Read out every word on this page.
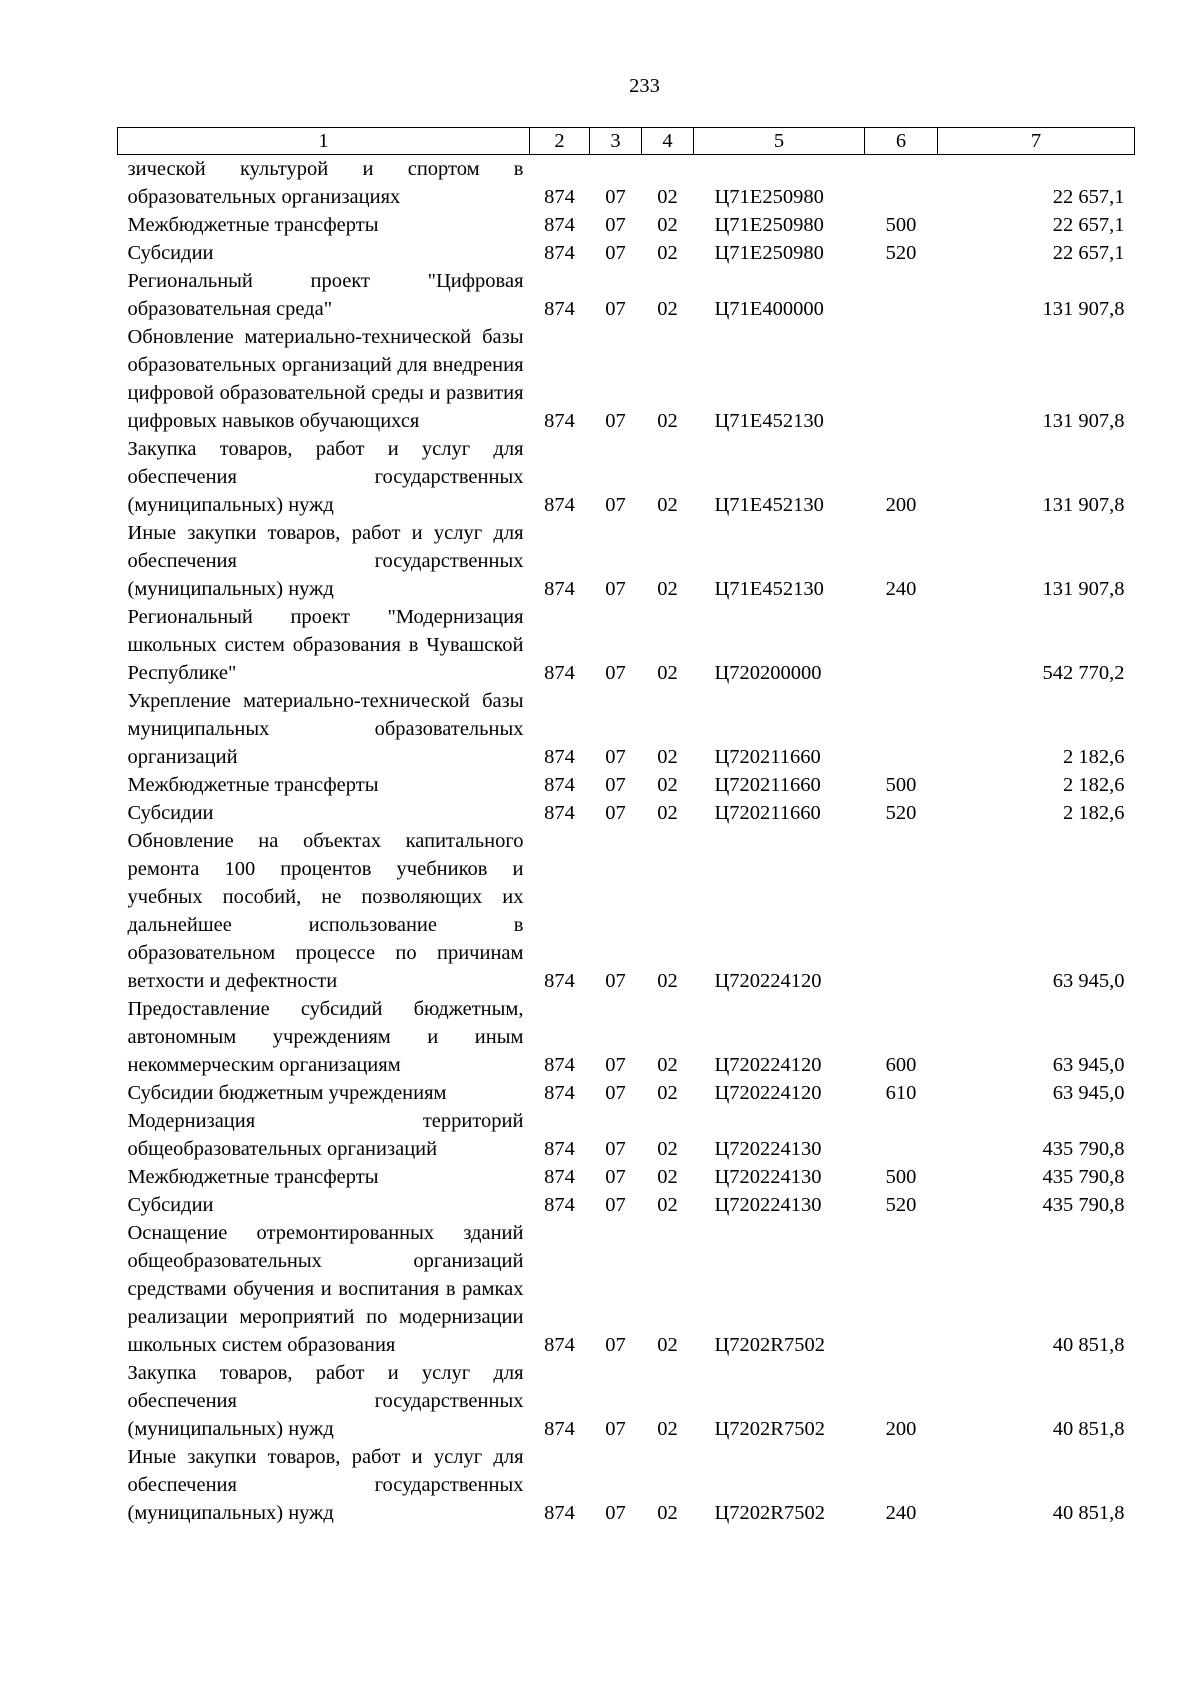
233
1	2	3	4	5	6	7
зической культурой и спортом в образовательных организациях	874	07	02	Ц71Е250980		22 657,1
Межбюджетные трансферты	874	07	02	Ц71Е250980	500	22 657,1
Субсидии	874	07	02	Ц71Е250980	520	22 657,1
Региональный проект "Цифровая образовательная среда"	874	07	02	Ц71Е400000		131 907,8
Обновление материально-технической базы образовательных организаций для внедрения цифровой образовательной среды и развития цифровых навыков обучающихся	874	07	02	Ц71Е452130		131 907,8
Закупка товаров, работ и услуг для обеспечения государственных (муниципальных) нужд	874	07	02	Ц71Е452130	200	131 907,8
Иные закупки товаров, работ и услуг для обеспечения государственных (муниципальных) нужд	874	07	02	Ц71Е452130	240	131 907,8
Региональный проект "Модернизация школьных систем образования в Чувашской Республике"	874	07	02	Ц720200000		542 770,2
Укрепление материально-технической базы муниципальных образовательных организаций	874	07	02	Ц720211660		2 182,6
Межбюджетные трансферты	874	07	02	Ц720211660	500	2 182,6
Субсидии	874	07	02	Ц720211660	520	2 182,6
Обновление на объектах капитального ремонта 100 процентов учебников и учебных пособий, не позволяющих их дальнейшее использование в образовательном процессе по причинам ветхости и дефектности	874	07	02	Ц720224120		63 945,0
Предоставление субсидий бюджетным, автономным учреждениям и иным некоммерческим организациям	874	07	02	Ц720224120	600	63 945,0
Субсидии бюджетным учреждениям	874	07	02	Ц720224120	610	63 945,0
Модернизация территорий общеобразовательных организаций	874	07	02	Ц720224130		435 790,8
Межбюджетные трансферты	874	07	02	Ц720224130	500	435 790,8
Субсидии	874	07	02	Ц720224130	520	435 790,8
Оснащение отремонтированных зданий общеобразовательных организаций средствами обучения и воспитания в рамках реализации мероприятий по модернизации школьных систем образования	874	07	02	Ц7202R7502		40 851,8
Закупка товаров, работ и услуг для обеспечения государственных (муниципальных) нужд	874	07	02	Ц7202R7502	200	40 851,8
Иные закупки товаров, работ и услуг для обеспечения государственных (муниципальных) нужд	874	07	02	Ц7202R7502	240	40 851,8
